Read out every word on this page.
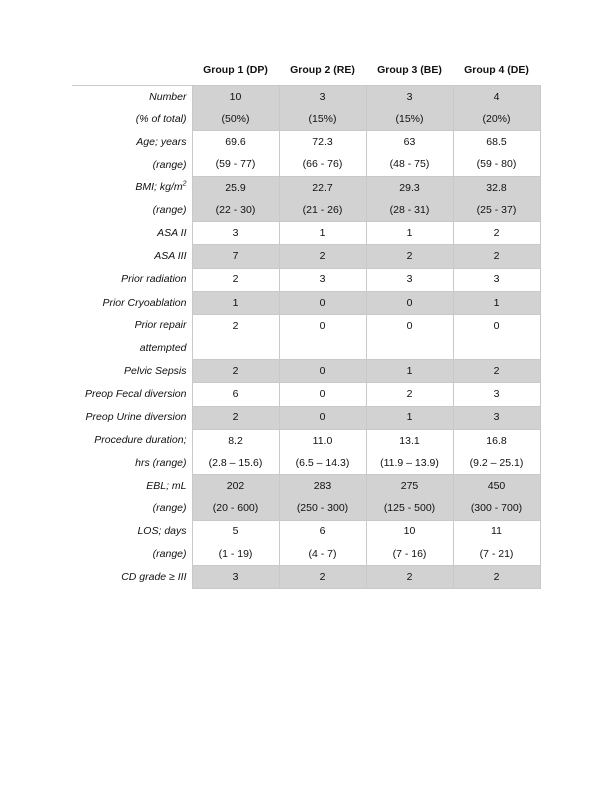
	Group 1 (DP)	Group 2 (RE)	Group 3 (BE)	Group 4 (DE)
Number	10	3	3	4
(% of total)	(50%)	(15%)	(15%)	(20%)
Age; years	69.6	72.3	63	68.5
(range)	(59 - 77)	(66 - 76)	(48 - 75)	(59 - 80)
BMI; $kg/m^2$	25.9	22.7	29.3	32.8
(range)	(22 - 30)	(21 - 26)	(28 - 31)	(25 - 37)
ASA II	3	1	1	2
ASA III	7	2	2	2
Prior radiation	2	3	3	3
Prior Cryoablation	1	0	0	1
Prior repair	2	0	0	0
attempted				
Pelvic Sepsis	2	0	1	2
Preop Fecal diversion	6	0	2	3
Preop Urine diversion	2	0	1	3
Procedure duration;	8.2	11.0	13.1	16.8
hrs (range)	(2.8 – 15.6)	(6.5 – 14.3)	(11.9 – 13.9)	(9.2 – 25.1)
EBL; mL	202	283	275	450
(range)	(20 - 600)	(250 - 300)	(125 - 500)	(300 - 700)
LOS; days	5	6	10	11
(range)	(1 - 19)	(4 - 7)	(7 - 16)	(7 - 21)
CD grade ≥ III	3	2	2	2
